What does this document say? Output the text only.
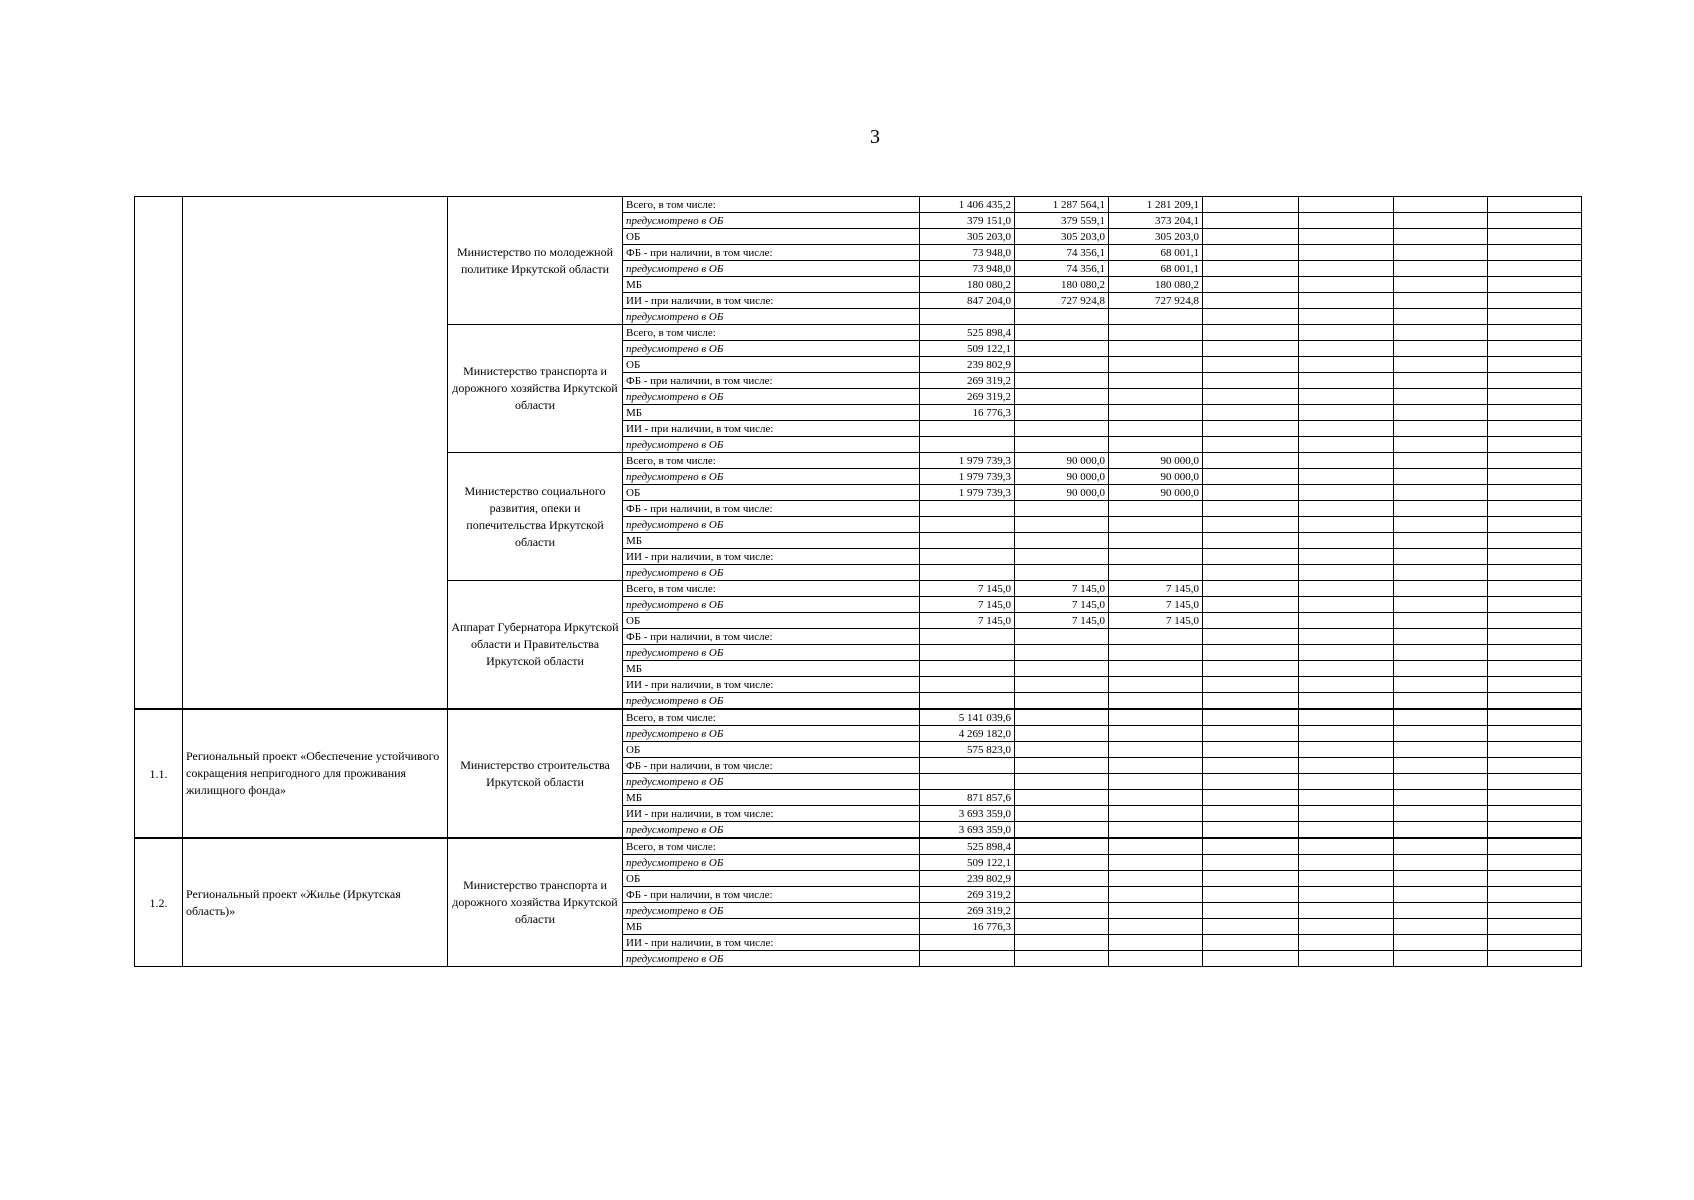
3
		Министерство по молодежной политике Иркутской области	Всего, в том числе:	1 406 435,2	1 287 564,1	1 281 209,1				
			предусмотрено в ОБ	379 151,0	379 559,1	373 204,1				
			ОБ	305 203,0	305 203,0	305 203,0				
			ФБ - при наличии, в том числе:	73 948,0	74 356,1	68 001,1				
			предусмотрено в ОБ	73 948,0	74 356,1	68 001,1				
			МБ	180 080,2	180 080,2	180 080,2				
			ИИ - при наличии, в том числе:	847 204,0	727 924,8	727 924,8				
			предусмотрено в ОБ							
		Министерство транспорта и дорожного хозяйства Иркутской области	Всего, в том числе:	525 898,4						
			предусмотрено в ОБ	509 122,1						
			ОБ	239 802,9						
			ФБ - при наличии, в том числе:	269 319,2						
			предусмотрено в ОБ	269 319,2						
			МБ	16 776,3						
			ИИ - при наличии, в том числе:							
			предусмотрено в ОБ							
		Министерство социального развития, опеки и попечительства Иркутской области	Всего, в том числе:	1 979 739,3	90 000,0	90 000,0				
			предусмотрено в ОБ	1 979 739,3	90 000,0	90 000,0				
			ОБ	1 979 739,3	90 000,0	90 000,0				
			ФБ - при наличии, в том числе:							
			предусмотрено в ОБ							
			МБ							
			ИИ - при наличии, в том числе:							
			предусмотрено в ОБ							
		Аппарат Губернатора Иркутской области и Правительства Иркутской области	Всего, в том числе:	7 145,0	7 145,0	7 145,0				
			предусмотрено в ОБ	7 145,0	7 145,0	7 145,0				
			ОБ	7 145,0	7 145,0	7 145,0				
			ФБ - при наличии, в том числе:							
			предусмотрено в ОБ							
			МБ							
			ИИ - при наличии, в том числе:							
			предусмотрено в ОБ							
1.1.	Региональный проект «Обеспечение устойчивого сокращения непригодного для проживания жилищного фонда»	Министерство строительства Иркутской области	Всего, в том числе:	5 141 039,6						
			предусмотрено в ОБ	4 269 182,0						
			ОБ	575 823,0						
			ФБ - при наличии, в том числе:							
			предусмотрено в ОБ							
			МБ	871 857,6						
			ИИ - при наличии, в том числе:	3 693 359,0						
			предусмотрено в ОБ	3 693 359,0						
1.2.	Региональный проект «Жилье (Иркутская область)»	Министерство транспорта и дорожного хозяйства Иркутской области	Всего, в том числе:	525 898,4						
			предусмотрено в ОБ	509 122,1						
			ОБ	239 802,9						
			ФБ - при наличии, в том числе:	269 319,2						
			предусмотрено в ОБ	269 319,2						
			МБ	16 776,3						
			ИИ - при наличии, в том числе:							
			предусмотрено в ОБ							
